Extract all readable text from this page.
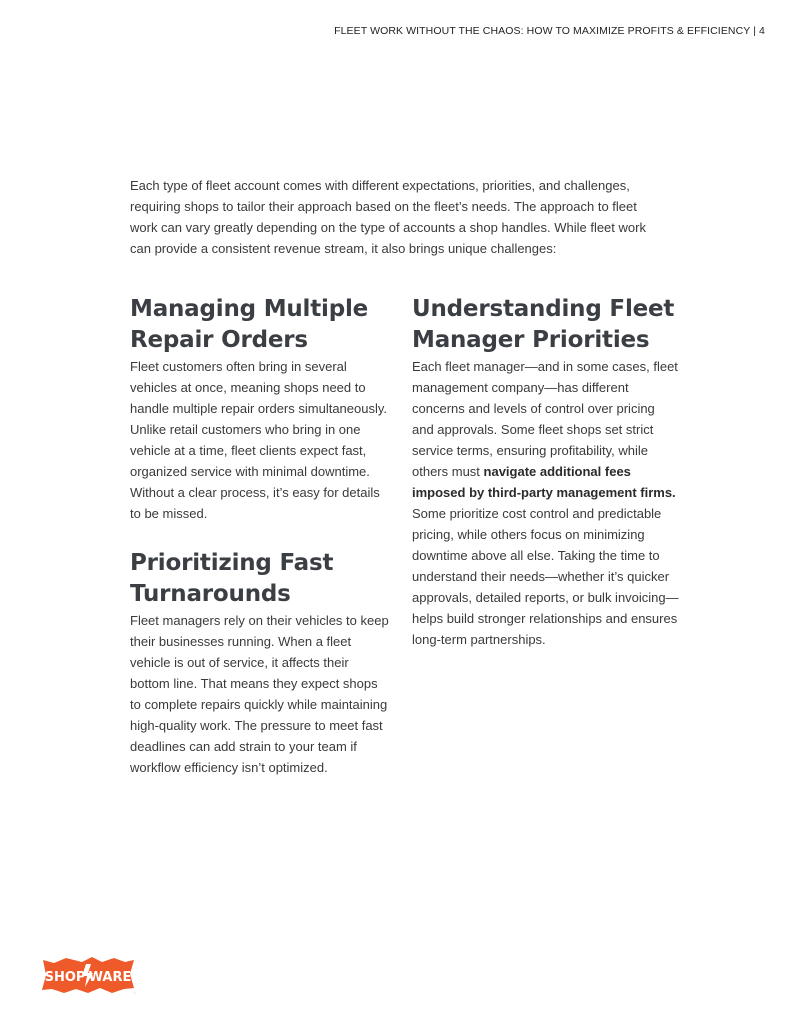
FLEET WORK WITHOUT THE CHAOS: HOW TO MAXIMIZE PROFITS & EFFICIENCY | 4

Each type of fleet account comes with different expectations, priorities, and challenges, requiring shops to tailor their approach based on the fleet’s needs. The approach to fleet work can vary greatly depending on the type of accounts a shop handles. While fleet work can provide a consistent revenue stream, it also brings unique challenges:

Managing Multiple Repair Orders

Fleet customers often bring in several vehicles at once, meaning shops need to handle multiple repair orders simultaneously. Unlike retail customers who bring in one vehicle at a time, fleet clients expect fast, organized service with minimal downtime. Without a clear process, it’s easy for details to be missed.

Prioritizing Fast Turnarounds

Fleet managers rely on their vehicles to keep their businesses running. When a fleet vehicle is out of service, it affects their bottom line. That means they expect shops to complete repairs quickly while maintaining high-quality work. The pressure to meet fast deadlines can add strain to your team if workflow efficiency isn’t optimized.

Understanding Fleet Manager Priorities

Each fleet manager—and in some cases, fleet management company—has different concerns and levels of control over pricing and approvals. Some fleet shops set strict service terms, ensuring profitability, while others must navigate additional fees imposed by third-party management firms. Some prioritize cost control and predictable pricing, while others focus on minimizing downtime above all else. Taking the time to understand their needs—whether it’s quicker approvals, detailed reports, or bulk invoicing—helps build stronger relationships and ensures long-term partnerships.

SHOP WARE
™
